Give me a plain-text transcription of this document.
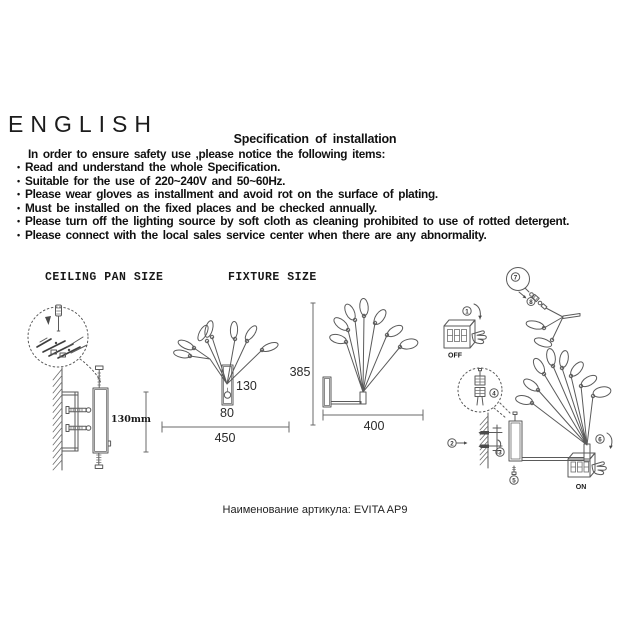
ENGLISH
Specification of installation
In order to ensure safety use ,please notice the following items:
• Read and understand the whole Specification.
• Suitable for the use of 220~240V and 50~60Hz.
• Please wear gloves as installment and avoid rot on the surface of plating.
• Must be installed on the fixed places and be checked annually.
• Please turn off the lighting source by soft cloth as cleaning prohibited to use of rotted detergent.
• Please connect with the local sales service center when there are any abnormality.
CEILING PAN SIZE	FIXTURE SIZE
130mm
130
80
450
385
400
7
8
1
OFF
4
2
3
5
6
ON
Наименование артикула: EVITA AP9
